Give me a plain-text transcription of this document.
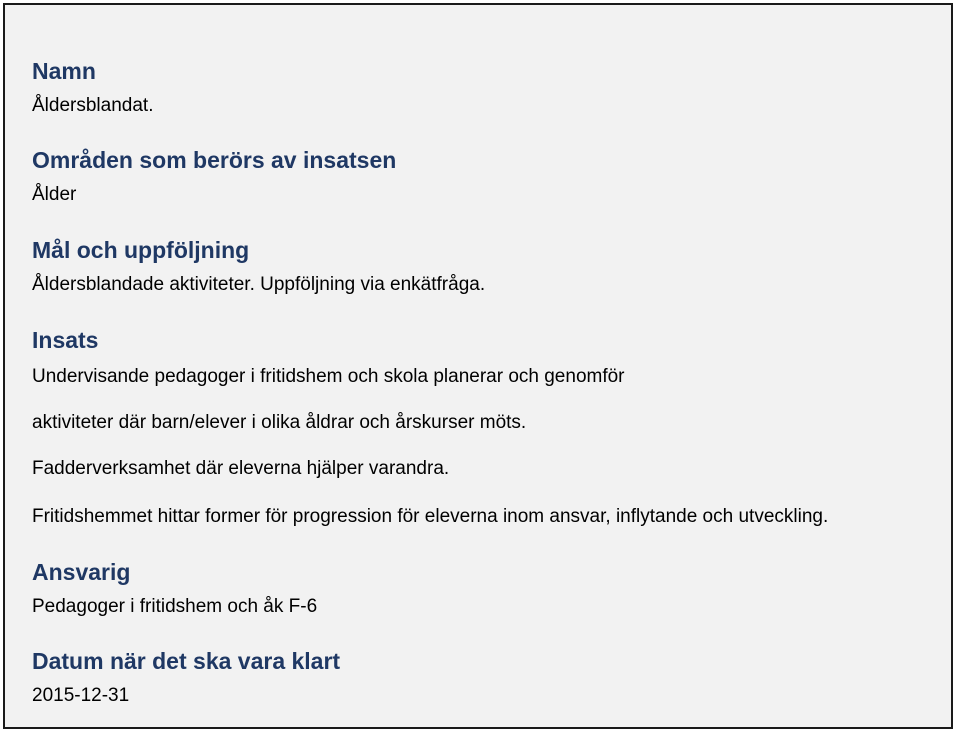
Namn
Åldersblandat.
Områden som berörs av insatsen
Ålder
Mål och uppföljning
Åldersblandade aktiviteter. Uppföljning via enkätfråga.
Insats
Undervisande pedagoger i fritidshem och skola planerar och genomför
aktiviteter där barn/elever i olika åldrar och årskurser möts.
Fadderverksamhet där eleverna hjälper varandra.
Fritidshemmet hittar former för progression för eleverna inom ansvar, inflytande och utveckling.
Ansvarig
Pedagoger i fritidshem och åk F-6
Datum när det ska vara klart
2015-12-31
